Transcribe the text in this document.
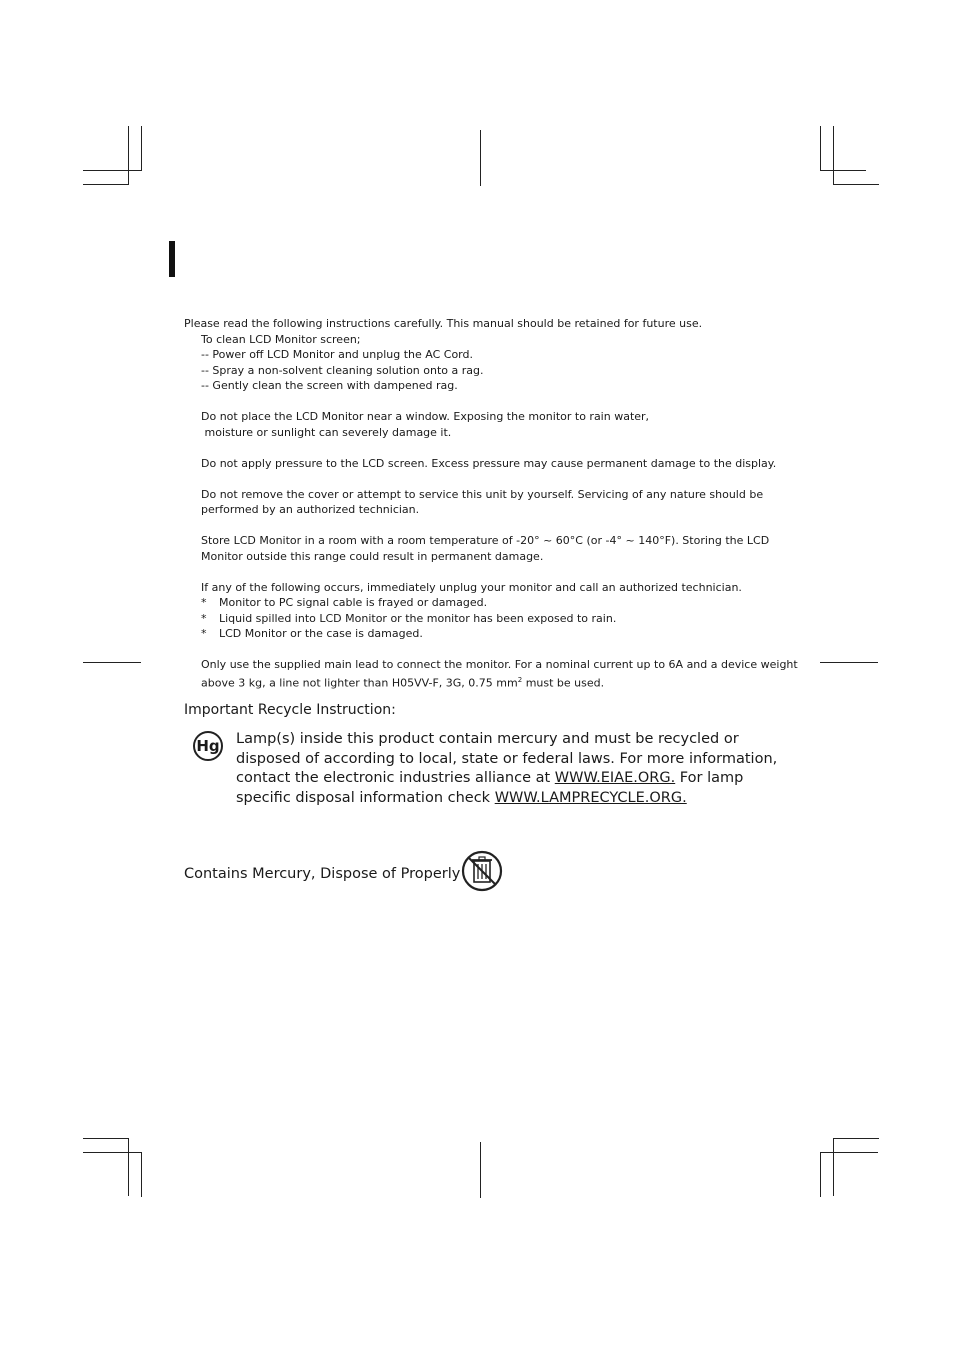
Please read the following instructions carefully. This manual should be retained for future use.

To clean LCD Monitor screen;

-- Power off LCD Monitor and unplug the AC Cord.

-- Spray a non-solvent cleaning solution onto a rag.

-- Gently clean the screen with dampened rag.

Do not place the LCD Monitor near a window. Exposing the monitor to rain water,

moisture or sunlight can severely damage it.

Do not apply pressure to the LCD screen. Excess pressure may cause permanent damage to the display.

Do not remove the cover or attempt to service this unit by yourself. Servicing of any nature should be

performed by an authorized technician.

Store LCD Monitor in a room with a room temperature of -20° ~ 60°C (or -4° ~ 140°F). Storing the LCD

Monitor outside this range could result in permanent damage.

If any of the following occurs, immediately unplug your monitor and call an authorized technician.

*	Monitor to PC signal cable is frayed or damaged.
*	Liquid spilled into LCD Monitor or the monitor has been exposed to rain.
*	LCD Monitor or the case is damaged.

Only use the supplied main lead to connect the monitor. For a nominal current up to 6A and a device weight

above 3 kg, a line not lighter than H05VV-F, 3G, 0.75 $mm^2$ must be used.

Important Recycle Instruction:
Hg Lamp(s) inside this product contain mercury and must be recycled or disposed of according to local, state or federal laws. For more information, contact the electronic industries alliance at WWW.EIAE.ORG. For lamp specific disposal information check WWW.LAMPRECYCLE.ORG.
Contains Mercury, Dispose of Properly
